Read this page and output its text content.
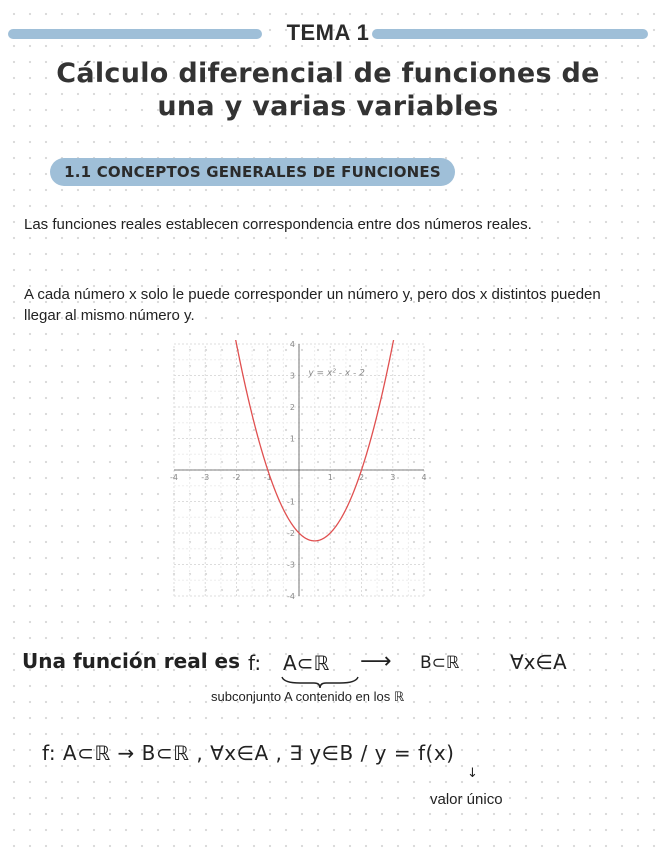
TEMA 1
Cálculo diferencial de funciones de
una y varias variables
1.1 CONCEPTOS GENERALES DE FUNCIONES
Las funciones reales establecen correspondencia entre dos números reales.
A cada número x solo le puede corresponder un número y, pero dos x distintos pueden llegar al mismo número y.
-4	-3	-2	-1	1	2	3	4
4
3
2
1
-1
-2
-3
-4
y = x² - x - 2
Una función real es f: A⊂ℝ ⟶ B⊂ℝ	∀x∈A
subconjunto A contenido en los ℝ
f: A⊂ℝ → B⊂ℝ , ∀x∈A , ∃ y∈B / y = f(x)
↓
valor único
